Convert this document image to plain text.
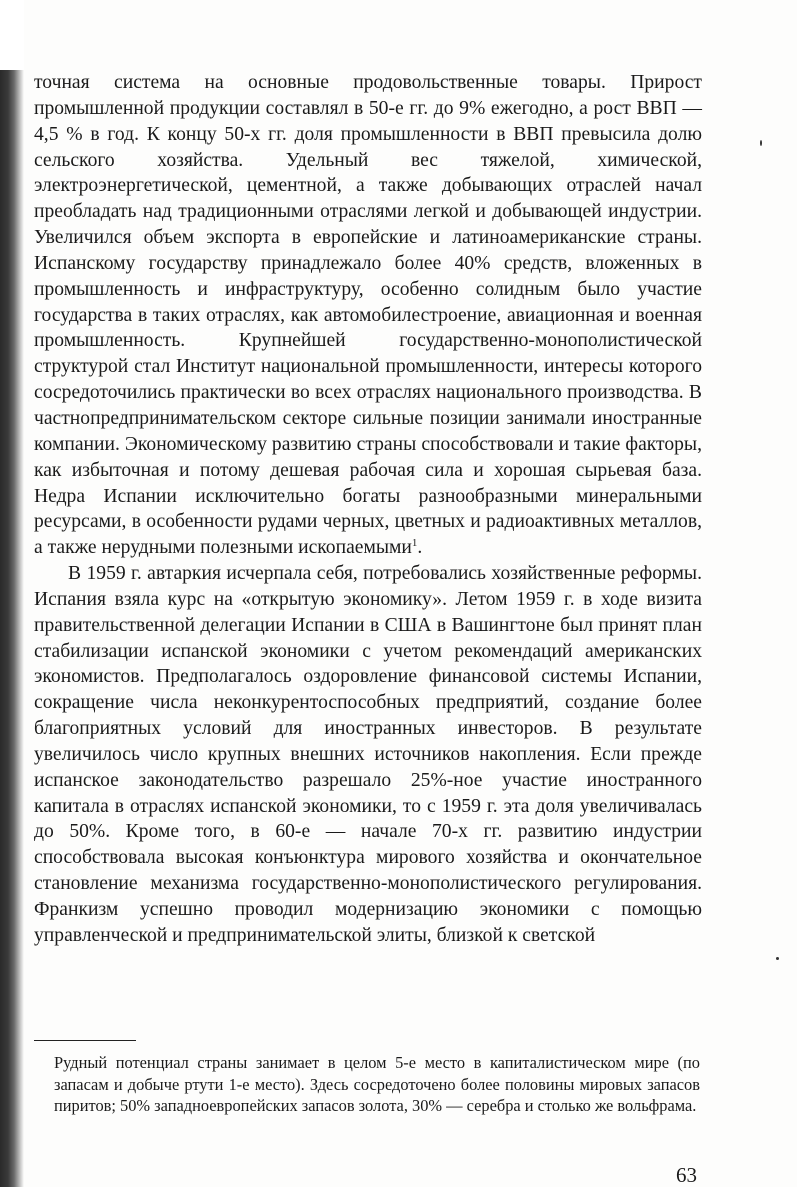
точная система на основные продовольственные товары. Прирост промышленной продукции составлял в 50-е гг. до 9% ежегодно, а рост ВВП — 4,5 % в год. К концу 50-х гг. доля промышленности в ВВП превысила долю сельского хозяйства. Удельный вес тяжелой, химической, электроэнергетической, цементной, а также добывающих отраслей начал преобладать над традиционными отраслями легкой и добывающей индустрии. Увеличился объем экспорта в европейские и латиноамериканские страны. Испанскому государству принадлежало более 40% средств, вложенных в промышленность и инфраструктуру, особенно солидным было участие государства в таких отраслях, как автомобилестроение, авиационная и военная промышленность. Крупнейшей государственно-монополистической структурой стал Институт национальной промышленности, интересы которого сосредоточились практически во всех отраслях национального производства. В частнопредпринимательском секторе сильные позиции занимали иностранные компании. Экономическому развитию страны способствовали и такие факторы, как избыточная и потому дешевая рабочая сила и хорошая сырьевая база. Недра Испании исключительно богаты разнообразными минеральными ресурсами, в особенности рудами черных, цветных и радиоактивных металлов, а также нерудными полезными ископаемыми$^1$.

В 1959 г. автаркия исчерпала себя, потребовались хозяйственные реформы. Испания взяла курс на «открытую экономику». Летом 1959 г. в ходе визита правительственной делегации Испании в США в Вашингтоне был принят план стабилизации испанской экономики с учетом рекомендаций американских экономистов. Предполагалось оздоровление финансовой системы Испании, сокращение числа неконкурентоспособных предприятий, создание более благоприятных условий для иностранных инвесторов. В результате увеличилось число крупных внешних источников накопления. Если прежде испанское законодательство разрешало 25%-ное участие иностранного капитала в отраслях испанской экономики, то с 1959 г. эта доля увеличивалась до 50%. Кроме того, в 60-е — начале 70-х гг. развитию индустрии способствовала высокая конъюнктура мирового хозяйства и окончательное становление механизма государственно-монополистического регулирования. Франкизм успешно проводил модернизацию экономики с помощью управленческой и предпринимательской элиты, близкой к светской

Рудный потенциал страны занимает в целом 5-е место в капиталистическом мире (по запасам и добыче ртути 1-е место). Здесь сосредоточено более половины мировых запасов пиритов; 50% западноевропейских запасов золота, 30% — серебра и столько же вольфрама.

63
